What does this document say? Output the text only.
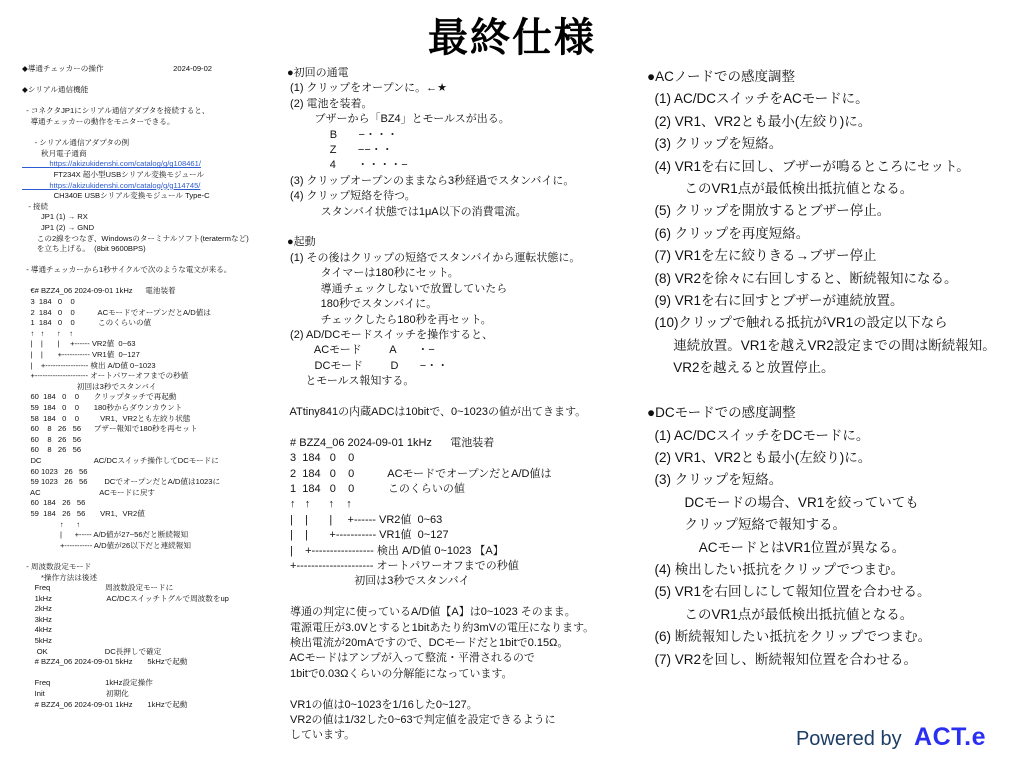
最終仕様
◆導通チェッカーの操作                                 2024-09-02

◆シリアル通信機能

- コネクタJP1にシリアル通信アダプタを接続すると、
導通チェッカーの動作をモニターできる。

- シリアル通信アダプタの例
秋月電子通商
https://akizukidenshi.com/catalog/g/g108461/
FT234X 超小型USBシリアル変換モジュール
https://akizukidenshi.com/catalog/g/g114745/
CH340E USBシリアル変換モジュール Type-C
- 接続
JP1 (1) → RX
JP1 (2) → GND
この2線をつなぎ、Windowsのターミナルソフト(teratermなど)
を立ち上げる。  (8bit 9600BPS)

- 導通チェッカーから1秒サイクルで次のような電文が来る。

€# BZZ4_06 2024-09-01 1kHz      電池装着
3  184   0    0
2  184   0    0           ACモードでオープンだとA/D値は
1  184   0    0           このくらいの値
↑   ↑      ↑    ↑
|    |       |     +------ VR2値  0~63
|    |       +----------- VR1値  0~127
|    +----------------- 検出 A/D値 0~1023
+--------------------- オートパワーオフまでの秒値
初回は3秒でスタンバイ
60  184   0    0       クリップタッチで再起動
59  184   0    0       180秒からダウンカウント
58  184   0    0          VR1、VR2とも左絞り状態
60    8   26   56      ブザー報知で180秒を再セット
60    8   26   56
60    8   26   56
DC                         AC/DCスイッチ操作してDCモードに
60 1023   26   56
59 1023   26   56        DCでオープンだとA/D値は1023に
AC                            ACモードに戻す
60  184   26   56
59  184   26   56       VR1、VR2値
↑      ↑
|      +----- A/D値が27~56だと断続報知
+----------- A/D値が26以下だと連続報知

- 周波数設定モード
*操作方法は後述
Freq                          周波数設定モードに
1kHz                          AC/DCスイッチトグルで周波数をup
2kHz
3kHz
4kHz
5kHz
OK                           DC長押しで確定
# BZZ4_06 2024-09-01 5kHz       5kHzで起動

Freq                          1kHz設定操作
Init                             初期化
# BZZ4_06 2024-09-01 1kHz       1kHzで起動
●初回の通電
(1) クリップをオープンに。←★
(2) 電池を装着。
ブザーから「BZ4」とモールスが出る。
B       −・・・
Z       −−・・
4       ・・・・−
(3) クリップオープンのままなら3秒経過でスタンバイに。
(4) クリップ短絡を待つ。
スタンバイ状態では1μA以下の消費電流。

●起動
(1) その後はクリップの短絡でスタンバイから運転状態に。
タイマーは180秒にセット。
導通チェックしないで放置していたら
180秒でスタンバイに。
チェックしたら180秒を再セット。
(2) AD/DCモードスイッチを操作すると、
ACモード         A       ・−
DCモード         D       −・・
とモールス報知する。

ATtiny841の内蔵ADCは10bitで、0~1023の値が出てきます。

# BZZ4_06 2024-09-01 1kHz      電池装着
3  184   0    0
2  184   0    0           ACモードでオープンだとA/D値は
1  184   0    0           このくらいの値
↑   ↑      ↑    ↑
|    |       |     +------ VR2値  0~63
|    |       +----------- VR1値  0~127
|    +----------------- 検出 A/D値 0~1023 【A】
+--------------------- オートパワーオフまでの秒値
初回は3秒でスタンバイ

導通の判定に使っているA/D値【A】は0~1023 そのまま。
電源電圧が3.0Vとすると1bitあたり約3mVの電圧になります。
検出電流が20mAですので、DCモードだと1bitで0.15Ω。
ACモードはアンプが入って整流・平滑されるので
1bitで0.03Ωくらいの分解能になっています。

VR1の値は0~1023を1/16した0~127。
VR2の値は1/32した0~63で判定値を設定できるように
しています。
●ACノードでの感度調整
(1) AC/DCスイッチをACモードに。
(2) VR1、VR2とも最小(左絞り)に。
(3) クリップを短絡。
(4) VR1を右に回し、ブザーが鳴るところにセット。
このVR1点が最低検出抵抗値となる。
(5) クリップを開放するとブザー停止。
(6) クリップを再度短絡。
(7) VR1を左に絞りきる→ブザー停止
(8) VR2を徐々に右回しすると、断続報知になる。
(9) VR1を右に回すとブザーが連続放置。
(10)クリップで触れる抵抗がVR1の設定以下なら
連続放置。VR1を越えVR2設定までの間は断続報知。
VR2を越えると放置停止。

●DCモードでの感度調整
(1) AC/DCスイッチをDCモードに。
(2) VR1、VR2とも最小(左絞り)に。
(3) クリップを短絡。
DCモードの場合、VR1を絞っていても
クリップ短絡で報知する。
ACモードとはVR1位置が異なる。
(4) 検出したい抵抗をクリップでつまむ。
(5) VR1を右回しにして報知位置を合わせる。
このVR1点が最低検出抵抗値となる。
(6) 断続報知したい抵抗をクリップでつまむ。
(7) VR2を回し、断続報知位置を合わせる。
Powered by ACT.e
